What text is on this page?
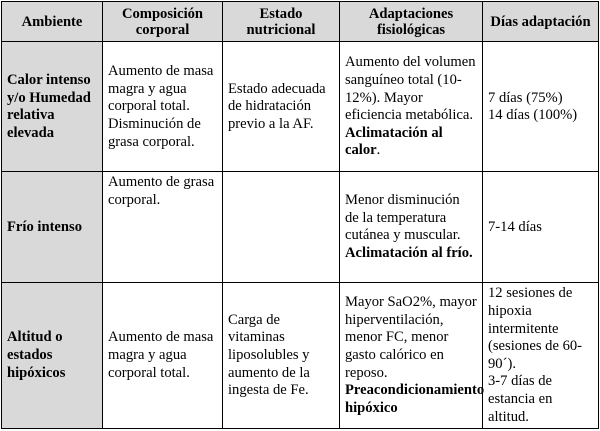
Ambiente	Composición corporal	Estado nutricional	Adaptaciones fisiológicas	Días adaptación
Calor intenso y/o Humedad relativa elevada	Aumento de masa magra y agua corporal total. Disminución de grasa corporal.	Estado adecuada de hidratación previo a la AF.	Aumento del volumen sanguíneo total (10-12%). Mayor eficiencia metabólica. Aclimatación al calor.	7 días (75%)
14 días (100%)

Frío intenso	Aumento de grasa corporal.		Menor disminución de la temperatura cutánea y muscular. Aclimatación al frío.	7-14 días

Altitud o estados hipóxicos	Aumento de masa magra y agua corporal total.	Carga de vitaminas liposolubles y aumento de la ingesta de Fe.	Mayor SaO2%, mayor hiperventilación, menor FC, menor gasto calórico en reposo. Preacondicionamiento hipóxico	12 sesiones de hipoxia intermitente (sesiones de 60-90´).
3-7 días de estancia en altitud.
